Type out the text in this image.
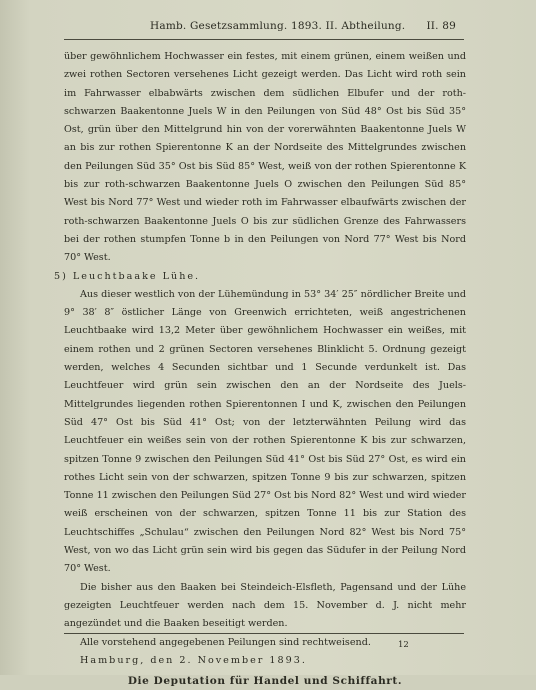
Hamb. Gesetzsammlung. 1893. II. Abtheilung. II. 89

über gewöhnlichem Hochwasser ein festes, mit einem grünen, einem weißen und zwei rothen Sectoren versehenes Licht gezeigt werden. Das Licht wird roth sein im Fahrwasser elbabwärts zwischen dem südlichen Elbufer und der roth-schwarzen Baakentonne Juels W in den Peilungen von Süd 48° Ost bis Süd 35° Ost, grün über den Mittelgrund hin von der vorerwähnten Baakentonne Juels W an bis zur rothen Spierentonne K an der Nordseite des Mittelgrundes zwischen den Peilungen Süd 35° Ost bis Süd 85° West, weiß von der rothen Spierentonne K bis zur roth-schwarzen Baakentonne Juels O zwischen den Peilungen Süd 85° West bis Nord 77° West und wieder roth im Fahrwasser elbaufwärts zwischen der roth-schwarzen Baakentonne Juels O bis zur südlichen Grenze des Fahrwassers bei der rothen stumpfen Tonne b in den Peilungen von Nord 77° West bis Nord 70° West.

5) Leuchtbaake Lühe.

Aus dieser westlich von der Lühemündung in 53° 34′ 25″ nördlicher Breite und 9° 38′ 8″ östlicher Länge von Greenwich errichteten, weiß angestrichenen Leuchtbaake wird 13,2 Meter über gewöhnlichem Hochwasser ein weißes, mit einem rothen und 2 grünen Sectoren versehenes Blinklicht 5. Ordnung gezeigt werden, welches 4 Secunden sichtbar und 1 Secunde verdunkelt ist. Das Leuchtfeuer wird grün sein zwischen den an der Nordseite des Juels-Mittelgrundes liegenden rothen Spierentonnen I und K, zwischen den Peilungen Süd 47° Ost bis Süd 41° Ost; von der letzterwähnten Peilung wird das Leuchtfeuer ein weißes sein von der rothen Spierentonne K bis zur schwarzen, spitzen Tonne 9 zwischen den Peilungen Süd 41° Ost bis Süd 27° Ost, es wird ein rothes Licht sein von der schwarzen, spitzen Tonne 9 bis zur schwarzen, spitzen Tonne 11 zwischen den Peilungen Süd 27° Ost bis Nord 82° West und wird wieder weiß erscheinen von der schwarzen, spitzen Tonne 11 bis zur Station des Leuchtschiffes „Schulau“ zwischen den Peilungen Nord 82° West bis Nord 75° West, von wo das Licht grün sein wird bis gegen das Südufer in der Peilung Nord 70° West.

Die bisher aus den Baaken bei Steindeich-Elsfleth, Pagensand und der Lühe gezeigten Leuchtfeuer werden nach dem 15. November d. J. nicht mehr angezündet und die Baaken beseitigt werden.

Alle vorstehend angegebenen Peilungen sind rechtweisend.

Hamburg, den 2. November 1893.

Die Deputation für Handel und Schiffahrt.

12
